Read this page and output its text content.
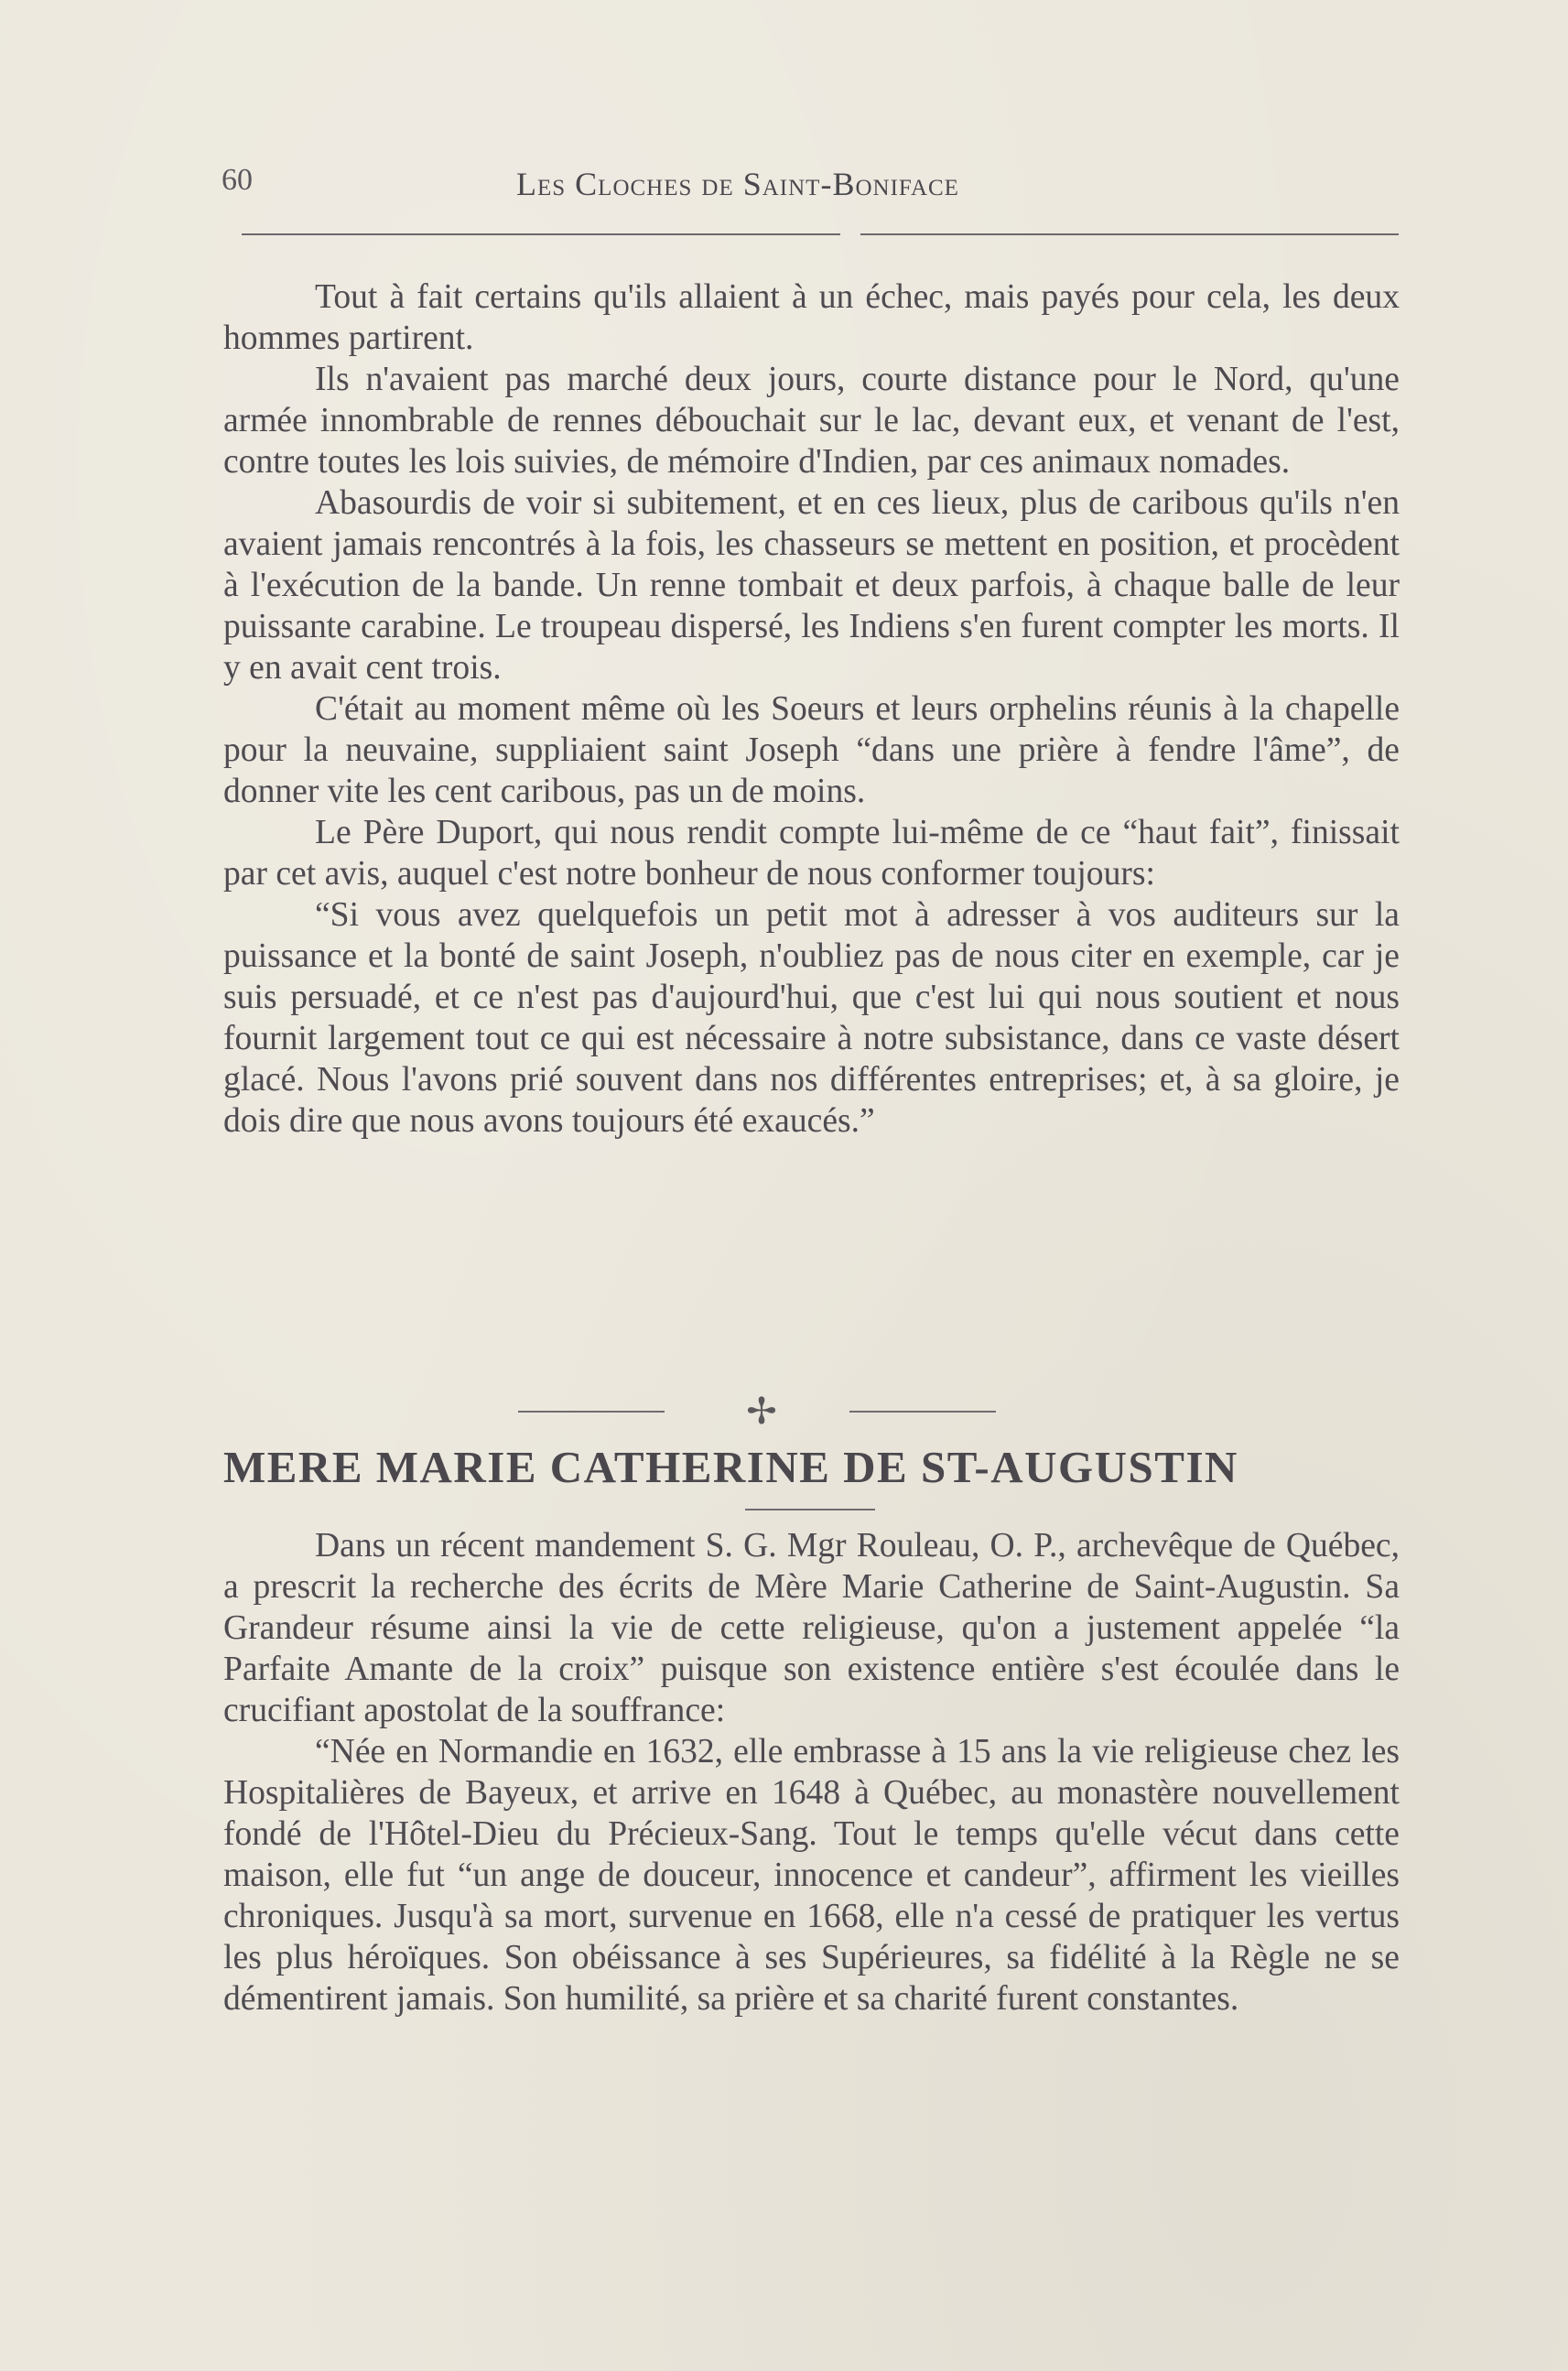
60	Les Cloches de Saint-Boniface

Tout à fait certains qu'ils allaient à un échec, mais payés pour cela, les deux hommes partirent.

Ils n'avaient pas marché deux jours, courte distance pour le Nord, qu'une armée innombrable de rennes débouchait sur le lac, devant eux, et venant de l'est, contre toutes les lois suivies, de mémoire d'Indien, par ces animaux nomades.

Abasourdis de voir si subitement, et en ces lieux, plus de caribous qu'ils n'en avaient jamais rencontrés à la fois, les chasseurs se mettent en position, et procèdent à l'exécution de la bande. Un renne tombait et deux parfois, à chaque balle de leur puissante carabine. Le troupeau dispersé, les Indiens s'en furent compter les morts. Il y en avait cent trois.

C'était au moment même où les Soeurs et leurs orphelins réunis à la chapelle pour la neuvaine, suppliaient saint Joseph “dans une prière à fendre l'âme”, de donner vite les cent caribous, pas un de moins.

Le Père Duport, qui nous rendit compte lui-même de ce “haut fait”, finissait par cet avis, auquel c'est notre bonheur de nous conformer toujours:

“Si vous avez quelquefois un petit mot à adresser à vos auditeurs sur la puissance et la bonté de saint Joseph, n'oubliez pas de nous citer en exemple, car je suis persuadé, et ce n'est pas d'aujourd'hui, que c'est lui qui nous soutient et nous fournit largement tout ce qui est nécessaire à notre subsistance, dans ce vaste désert glacé. Nous l'avons prié souvent dans nos différentes entreprises; et, à sa gloire, je dois dire que nous avons toujours été exaucés.”

✢
MERE MARIE CATHERINE DE ST-AUGUSTIN

Dans un récent mandement S. G. Mgr Rouleau, O. P., archevêque de Québec, a prescrit la recherche des écrits de Mère Marie Catherine de Saint-Augustin. Sa Grandeur résume ainsi la vie de cette religieuse, qu'on a justement appelée “la Parfaite Amante de la croix” puisque son existence entière s'est écoulée dans le crucifiant apostolat de la souffrance:

“Née en Normandie en 1632, elle embrasse à 15 ans la vie religieuse chez les Hospitalières de Bayeux, et arrive en 1648 à Québec, au monastère nouvellement fondé de l'Hôtel-Dieu du Précieux-Sang. Tout le temps qu'elle vécut dans cette maison, elle fut “un ange de douceur, innocence et candeur”, affirment les vieilles chroniques. Jusqu'à sa mort, survenue en 1668, elle n'a cessé de pratiquer les vertus les plus héroïques. Son obéissance à ses Supérieures, sa fidélité à la Règle ne se démentirent jamais. Son humilité, sa prière et sa charité furent constantes.
